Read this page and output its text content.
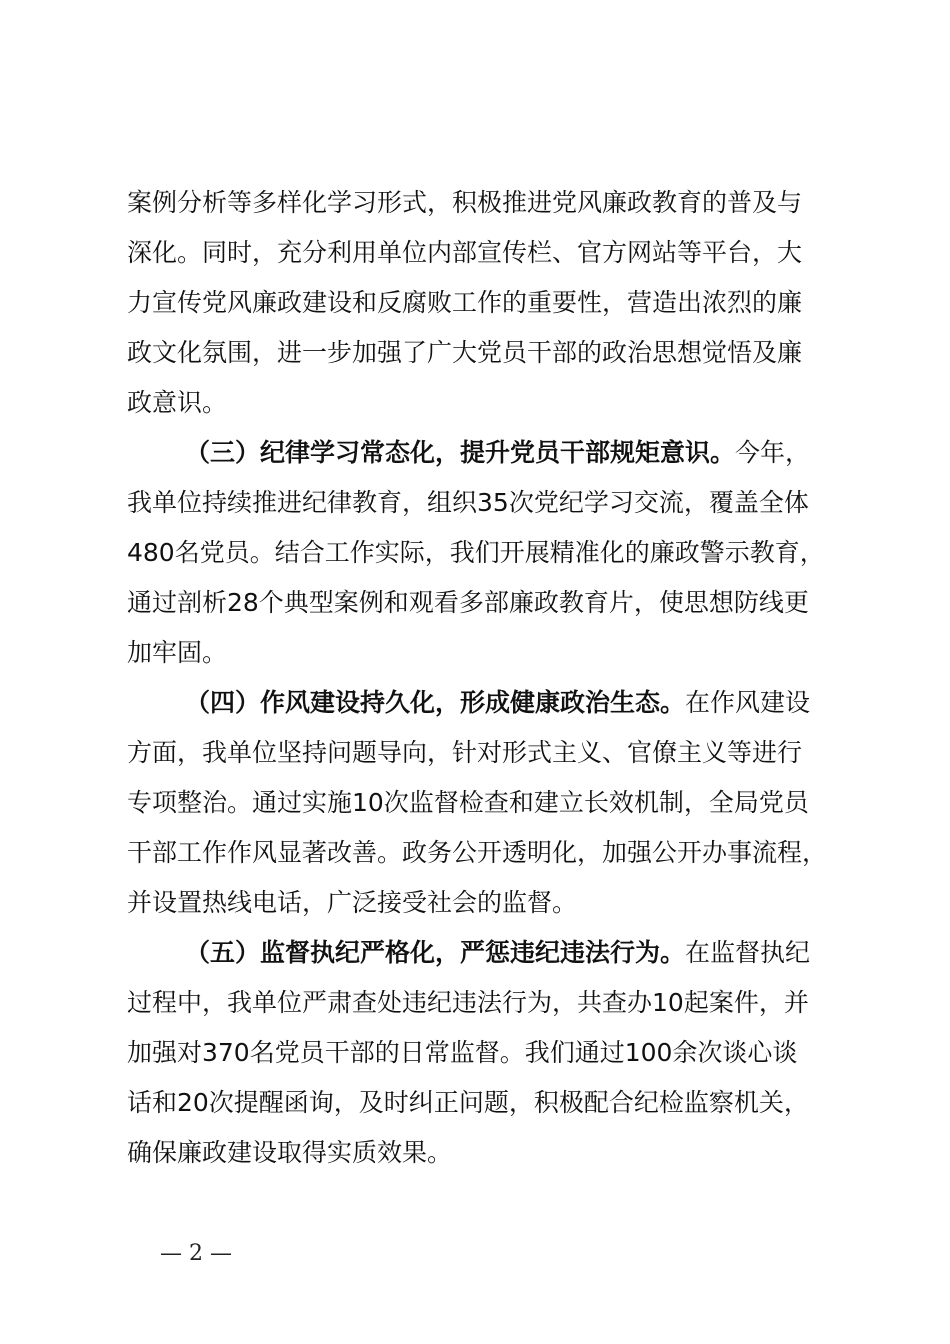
案例分析等多样化学习形式，积极推进党风廉政教育的普及与
深化。同时，充分利用单位内部宣传栏、官方网站等平台，大
力宣传党风廉政建设和反腐败工作的重要性，营造出浓烈的廉
政文化氛围，进一步加强了广大党员干部的政治思想觉悟及廉
政意识。
（三）纪律学习常态化，提升党员干部规矩意识。今年，
我单位持续推进纪律教育，组织35次党纪学习交流，覆盖全体
480名党员。结合工作实际，我们开展精准化的廉政警示教育，
通过剖析28个典型案例和观看多部廉政教育片，使思想防线更
加牢固。
（四）作风建设持久化，形成健康政治生态。在作风建设
方面，我单位坚持问题导向，针对形式主义、官僚主义等进行
专项整治。通过实施10次监督检查和建立长效机制，全局党员
干部工作作风显著改善。政务公开透明化，加强公开办事流程，
并设置热线电话，广泛接受社会的监督。
（五）监督执纪严格化，严惩违纪违法行为。在监督执纪
过程中，我单位严肃查处违纪违法行为，共查办10起案件，并
加强对370名党员干部的日常监督。我们通过100余次谈心谈
话和20次提醒函询，及时纠正问题，积极配合纪检监察机关，
确保廉政建设取得实质效果。
— 2 —
